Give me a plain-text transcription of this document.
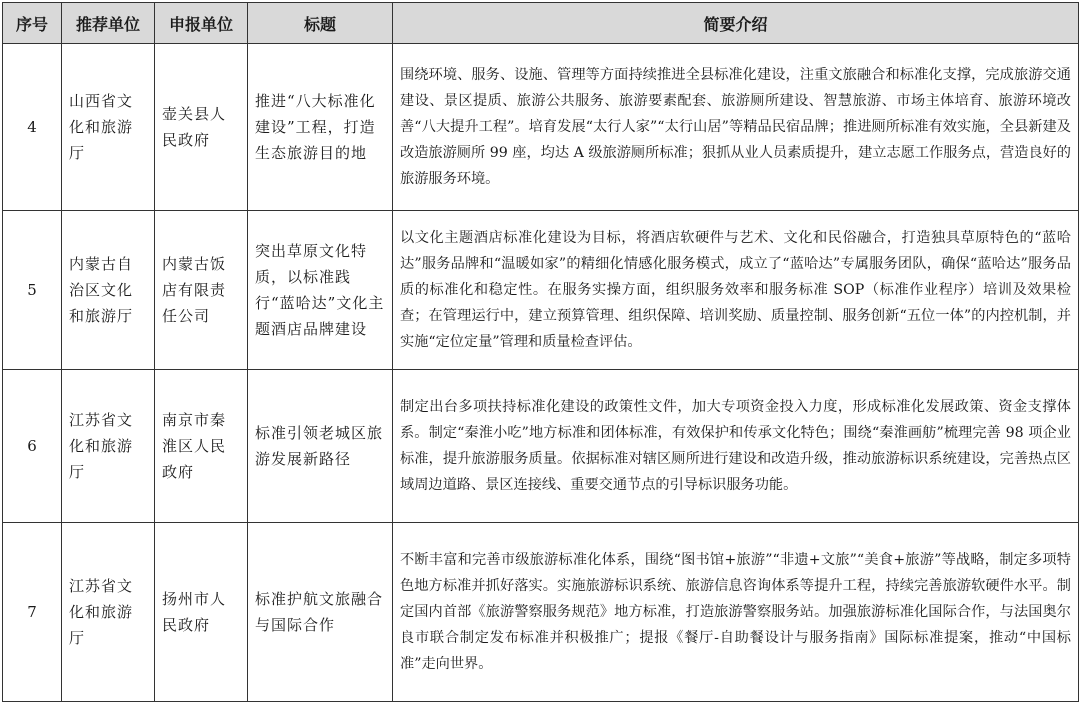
序号	推荐单位	申报单位	标题	简要介绍
4	山西省文化和旅游厅	壶关县人民政府	推进“八大标准化建设”工程，打造生态旅游目的地	围绕环境、服务、设施、管理等方面持续推进全县标准化建设，注重文旅融合和标准化支撑，完成旅游交通建设、景区提质、旅游公共服务、旅游要素配套、旅游厕所建设、智慧旅游、市场主体培育、旅游环境改善“八大提升工程”。培育发展“太行人家”“太行山居”等精品民宿品牌；推进厕所标准有效实施，全县新建及改造旅游厕所 99 座，均达 A 级旅游厕所标准；狠抓从业人员素质提升，建立志愿工作服务点，营造良好的旅游服务环境。
5	内蒙古自治区文化和旅游厅	内蒙古饭店有限责任公司	突出草原文化特质，以标准践行“蓝哈达”文化主题酒店品牌建设	以文化主题酒店标准化建设为目标，将酒店软硬件与艺术、文化和民俗融合，打造独具草原特色的“蓝哈达”服务品牌和“温暖如家”的精细化情感化服务模式，成立了“蓝哈达”专属服务团队，确保“蓝哈达”服务品质的标准化和稳定性。在服务实操方面，组织服务效率和服务标准 SOP（标准作业程序）培训及效果检查；在管理运行中，建立预算管理、组织保障、培训奖励、质量控制、服务创新“五位一体”的内控机制，并实施“定位定量”管理和质量检查评估。
6	江苏省文化和旅游厅	南京市秦淮区人民政府	标准引领老城区旅游发展新路径	制定出台多项扶持标准化建设的政策性文件，加大专项资金投入力度，形成标准化发展政策、资金支撑体系。制定“秦淮小吃”地方标准和团体标准，有效保护和传承文化特色；围绕“秦淮画舫”梳理完善 98 项企业标准，提升旅游服务质量。依据标准对辖区厕所进行建设和改造升级，推动旅游标识系统建设，完善热点区域周边道路、景区连接线、重要交通节点的引导标识服务功能。
7	江苏省文化和旅游厅	扬州市人民政府	标准护航文旅融合与国际合作	不断丰富和完善市级旅游标准化体系，围绕“图书馆+旅游”“非遗+文旅”“美食+旅游”等战略，制定多项特色地方标准并抓好落实。实施旅游标识系统、旅游信息咨询体系等提升工程，持续完善旅游软硬件水平。制定国内首部《旅游警察服务规范》地方标准，打造旅游警察服务站。加强旅游标准化国际合作，与法国奥尔良市联合制定发布标准并积极推广；提报《餐厅-自助餐设计与服务指南》国际标准提案，推动“中国标准”走向世界。
